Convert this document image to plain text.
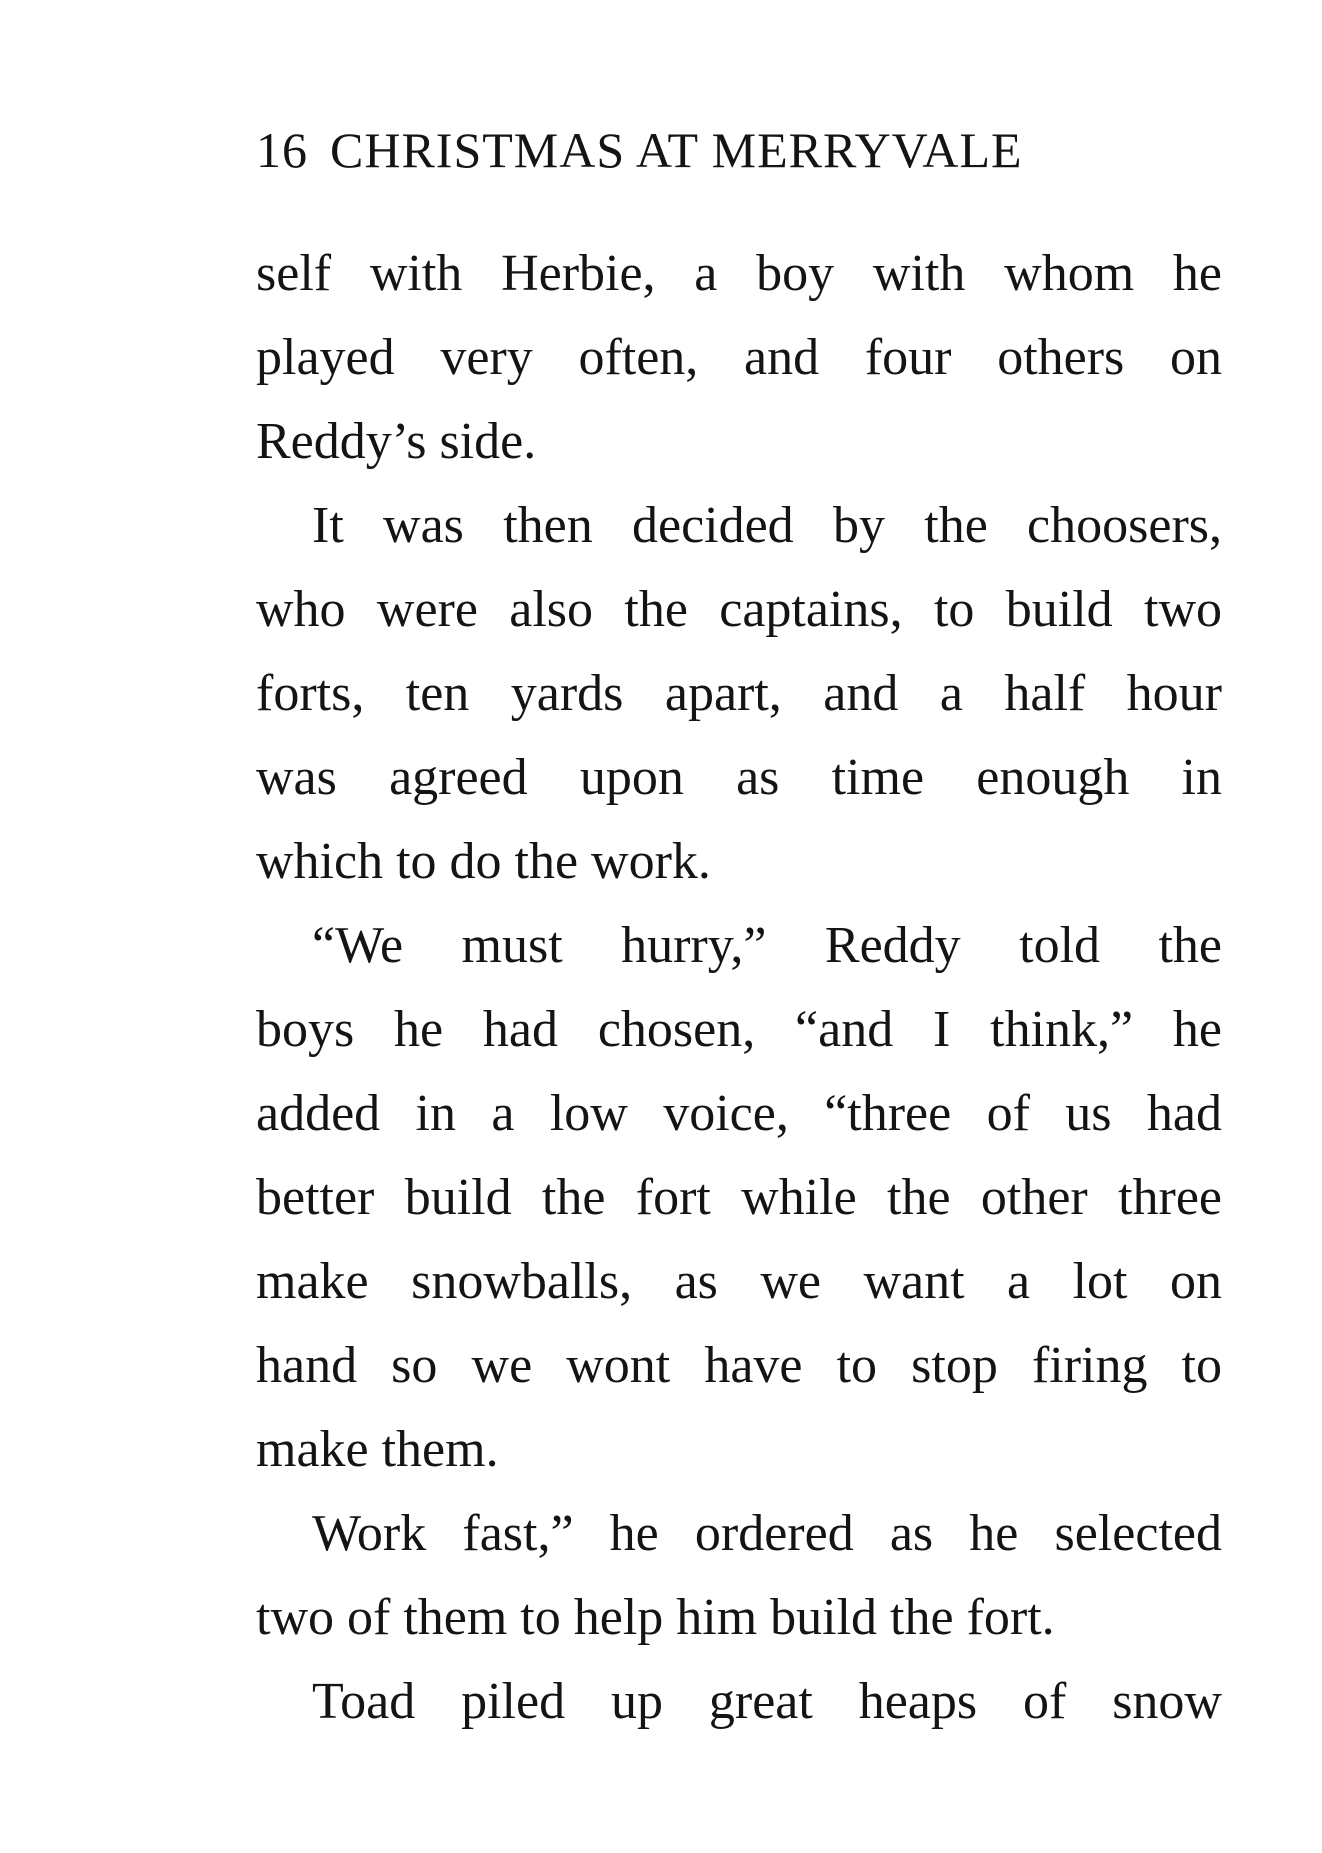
16 CHRISTMAS AT MERRYVALE
self with Herbie, a boy with whom he
played very often, and four others on
Reddy’s side.
It was then decided by the choosers,
who were also the captains, to build two
forts, ten yards apart, and a half hour
was agreed upon as time enough in
which to do the work.
“We must hurry,” Reddy told the
boys he had chosen, “and I think,” he
added in a low voice, “three of us had
better build the fort while the other three
make snowballs, as we want a lot on
hand so we wont have to stop firing to
make them.
Work fast,” he ordered as he selected
two of them to help him build the fort.
Toad piled up great heaps of snow
